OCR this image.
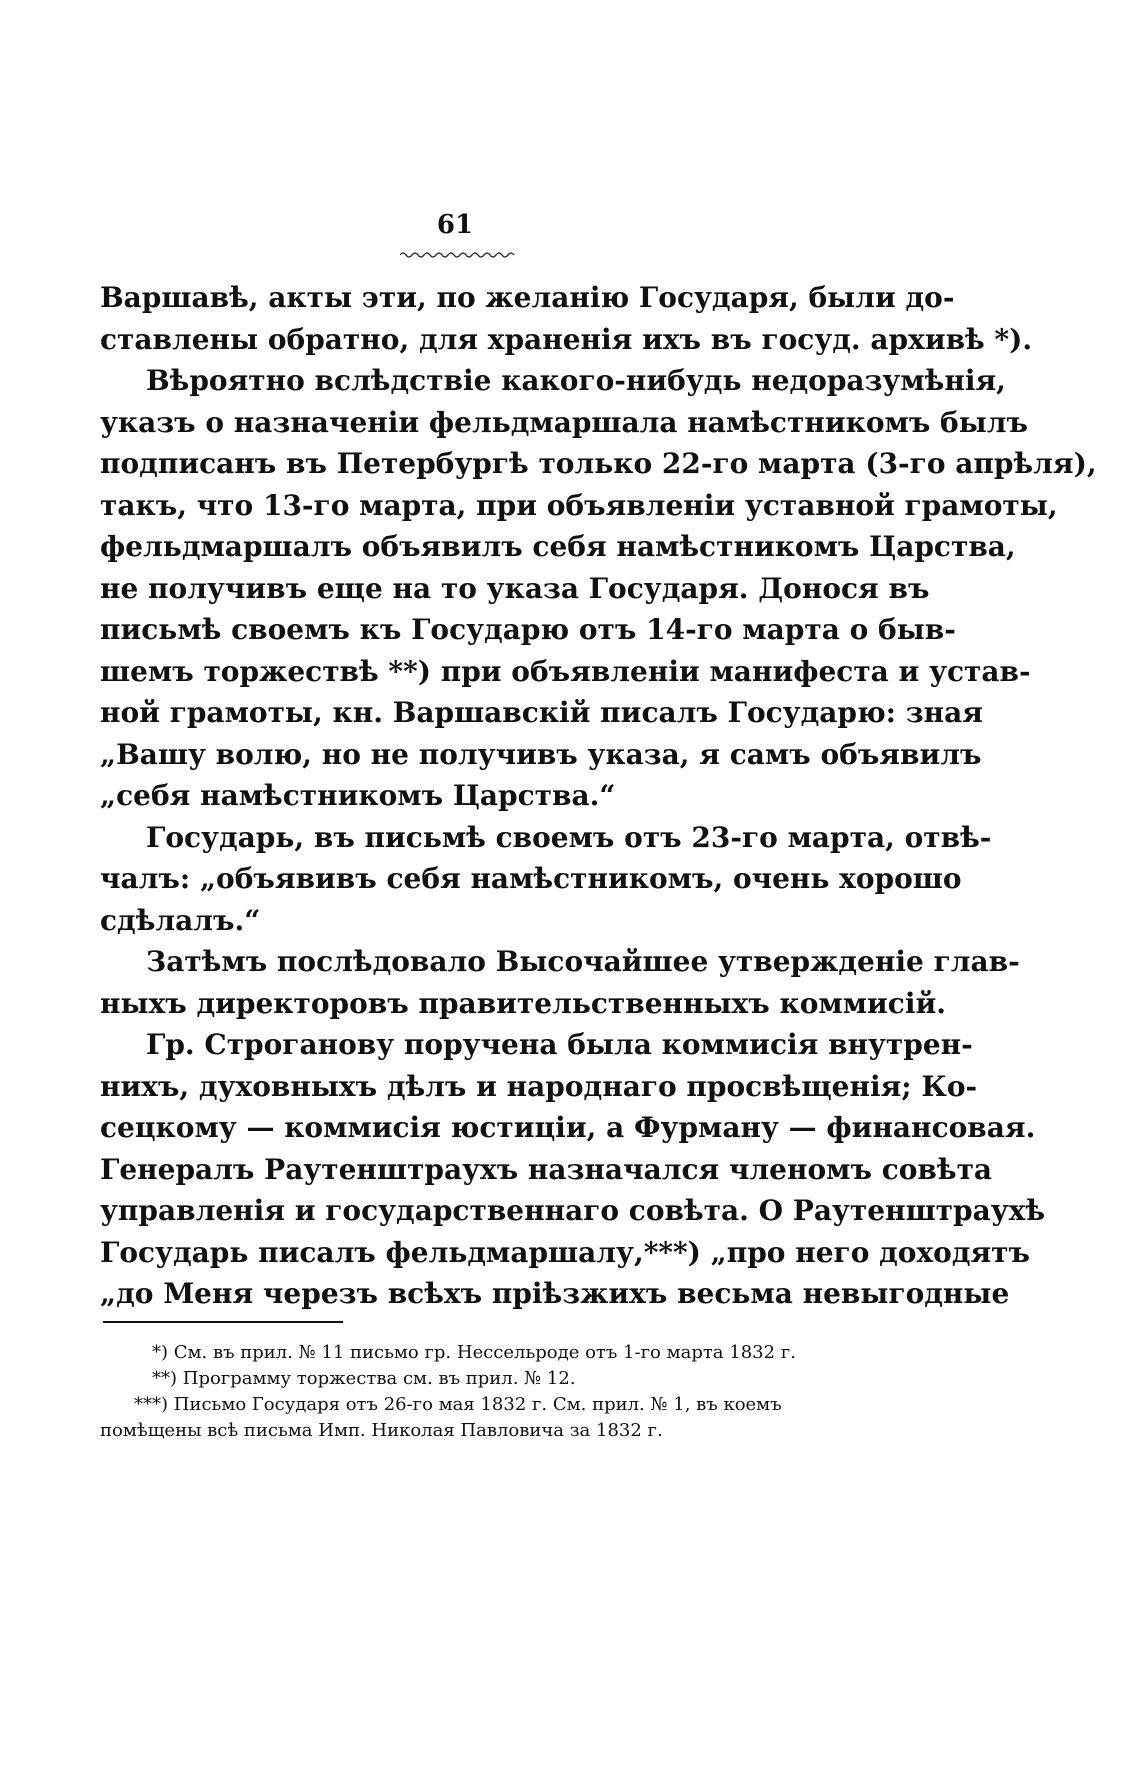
61
Варшавѣ, акты эти, по желанію Государя, были до-
ставлены обратно, для храненія ихъ въ госуд. архивѣ *).
Вѣроятно вслѣдствіе какого-нибудь недоразумѣнія,
указъ о назначеніи фельдмаршала намѣстникомъ былъ
подписанъ въ Петербургѣ только 22-го марта (3-го апрѣля),
такъ, что 13-го марта, при объявленіи уставной грамоты,
фельдмаршалъ объявилъ себя намѣстникомъ Царства,
не получивъ еще на то указа Государя. Донося въ
письмѣ своемъ къ Государю отъ 14-го марта о быв-
шемъ торжествѣ **) при объявленіи манифеста и устав-
ной грамоты, кн. Варшавскій писалъ Государю: зная
„Вашу волю, но не получивъ указа, я самъ объявилъ
„себя намѣстникомъ Царства.“
Государь, въ письмѣ своемъ отъ 23-го марта, отвѣ-
чалъ: „объявивъ себя намѣстникомъ, очень хорошо
сдѣлалъ.“
Затѣмъ послѣдовало Высочайшее утвержденіе глав-
ныхъ директоровъ правительственныхъ коммисій.
Гр. Строганову поручена была коммисія внутрен-
нихъ, духовныхъ дѣлъ и народнаго просвѣщенія; Ко-
сецкому — коммисія юстиціи, а Фурману — финансовая.
Генералъ Раутенштраухъ назначался членомъ совѣта
управленія и государственнаго совѣта. О Раутенштраухѣ
Государь писалъ фельдмаршалу,***) „про него доходятъ
„до Меня черезъ всѣхъ пріѣзжихъ весьма невыгодные
*) См. въ прил. № 11 письмо гр. Нессельроде отъ 1-го марта 1832 г.
**) Программу торжества см. въ прил. № 12.
***) Письмо Государя отъ 26-го мая 1832 г. См. прил. № 1, въ коемъ
помѣщены всѣ письма Имп. Николая Павловича за 1832 г.
